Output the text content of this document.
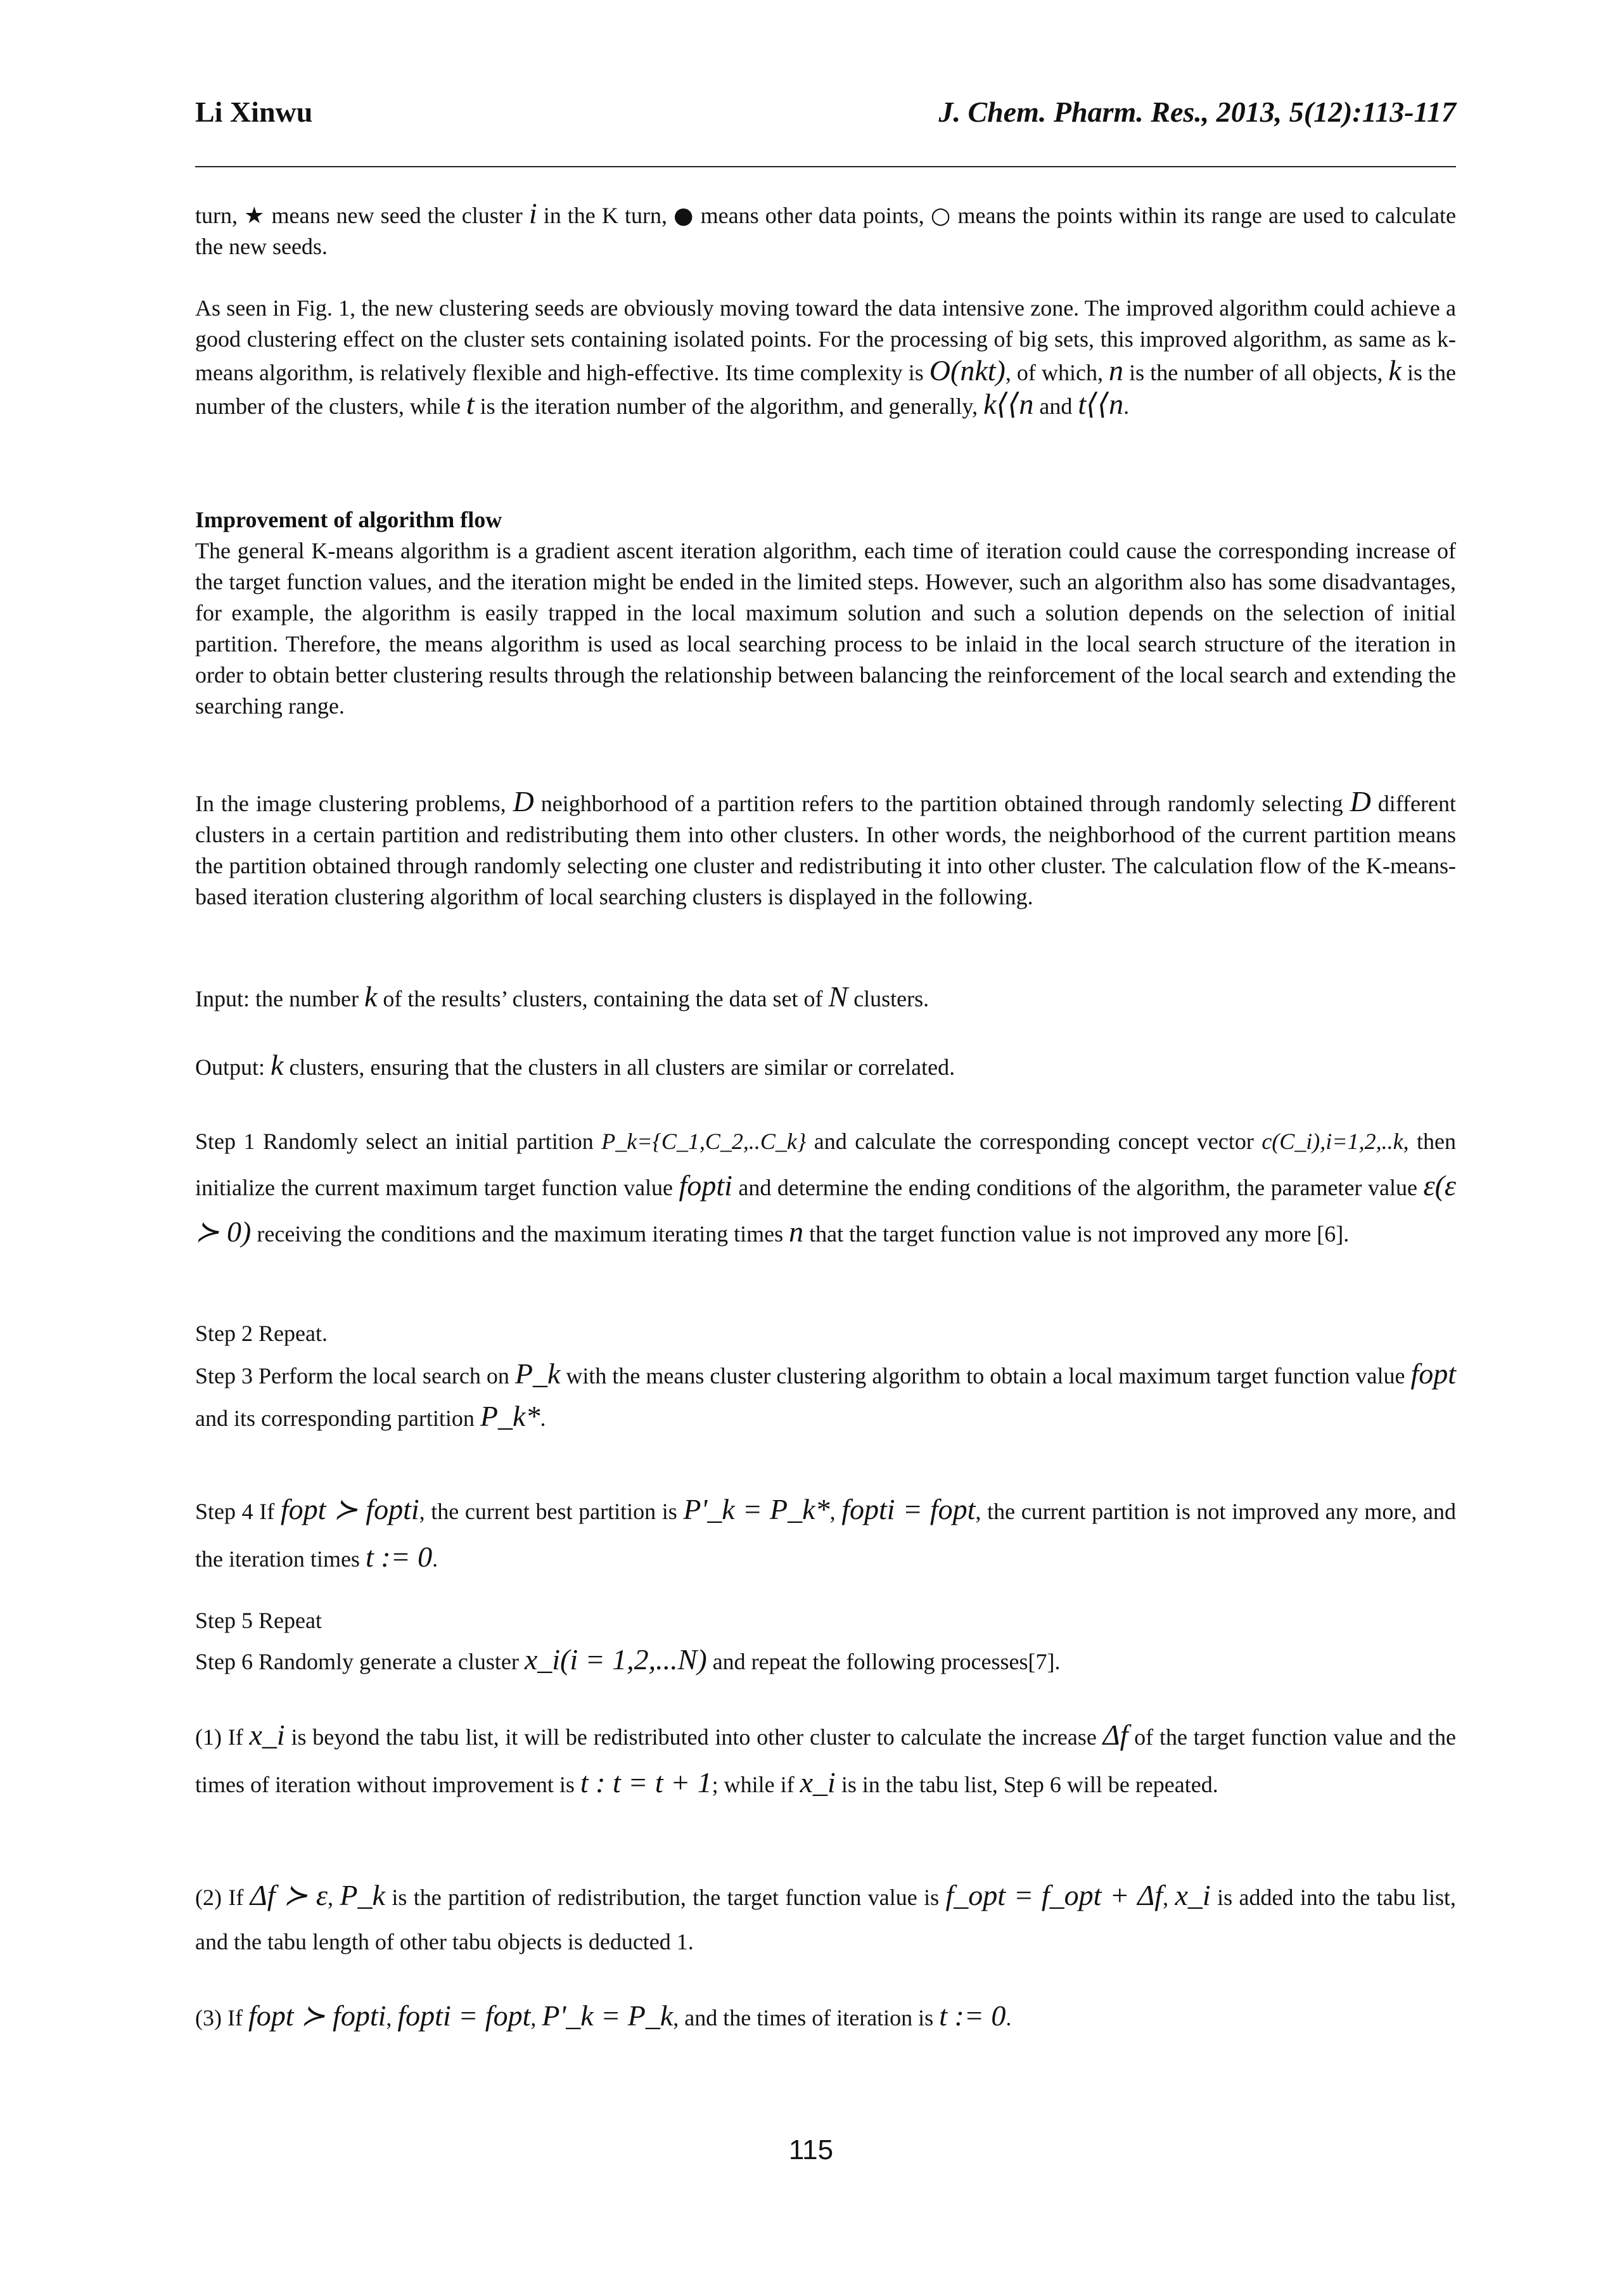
Li Xinwu	J. Chem. Pharm. Res., 2013, 5(12):113-117

turn, ★ means new seed the cluster i in the K turn, ● means other data points, ○ means the points within its range are used to calculate the new seeds.

As seen in Fig. 1, the new clustering seeds are obviously moving toward the data intensive zone. The improved algorithm could achieve a good clustering effect on the cluster sets containing isolated points. For the processing of big sets, this improved algorithm, as same as k-means algorithm, is relatively flexible and high-effective. Its time complexity is O(nkt), of which, n is the number of all objects, k is the number of the clusters, while t is the iteration number of the algorithm, and generally, k⟨⟨n and t⟨⟨n.

Improvement of algorithm flow

The general K-means algorithm is a gradient ascent iteration algorithm, each time of iteration could cause the corresponding increase of the target function values, and the iteration might be ended in the limited steps. However, such an algorithm also has some disadvantages, for example, the algorithm is easily trapped in the local maximum solution and such a solution depends on the selection of initial partition. Therefore, the means algorithm is used as local searching process to be inlaid in the local search structure of the iteration in order to obtain better clustering results through the relationship between balancing the reinforcement of the local search and extending the searching range.

In the image clustering problems, D neighborhood of a partition refers to the partition obtained through randomly selecting D different clusters in a certain partition and redistributing them into other clusters. In other words, the neighborhood of the current partition means the partition obtained through randomly selecting one cluster and redistributing it into other cluster. The calculation flow of the K-means-based iteration clustering algorithm of local searching clusters is displayed in the following.

Input: the number k of the results’ clusters, containing the data set of N clusters.

Output: k clusters, ensuring that the clusters in all clusters are similar or correlated.

Step 1 Randomly select an initial partition P_k={C_1,C_2,..C_k} and calculate the corresponding concept vector c(C_i),i=1,2,..k, then initialize the current maximum target function value fopti and determine the ending conditions of the algorithm, the parameter value ε(ε ≻ 0) receiving the conditions and the maximum iterating times n that the target function value is not improved any more [6].

Step 2 Repeat.

Step 3 Perform the local search on P_k with the means cluster clustering algorithm to obtain a local maximum target function value fopt and its corresponding partition P_k*.

Step 4 If fopt ≻ fopti, the current best partition is P'_k = P_k*, fopti = fopt, the current partition is not improved any more, and the iteration times t := 0.

Step 5 Repeat

Step 6 Randomly generate a cluster x_i(i = 1,2,...N) and repeat the following processes[7].

(1) If x_i is beyond the tabu list, it will be redistributed into other cluster to calculate the increase Δf of the target function value and the times of iteration without improvement is t : t = t + 1; while if x_i is in the tabu list, Step 6 will be repeated.

(2) If Δf ≻ ε, P_k is the partition of redistribution, the target function value is f_opt = f_opt + Δf, x_i is added into the tabu list, and the tabu length of other tabu objects is deducted 1.

(3) If fopt ≻ fopti, fopti = fopt, P'_k = P_k, and the times of iteration is t := 0.

115
